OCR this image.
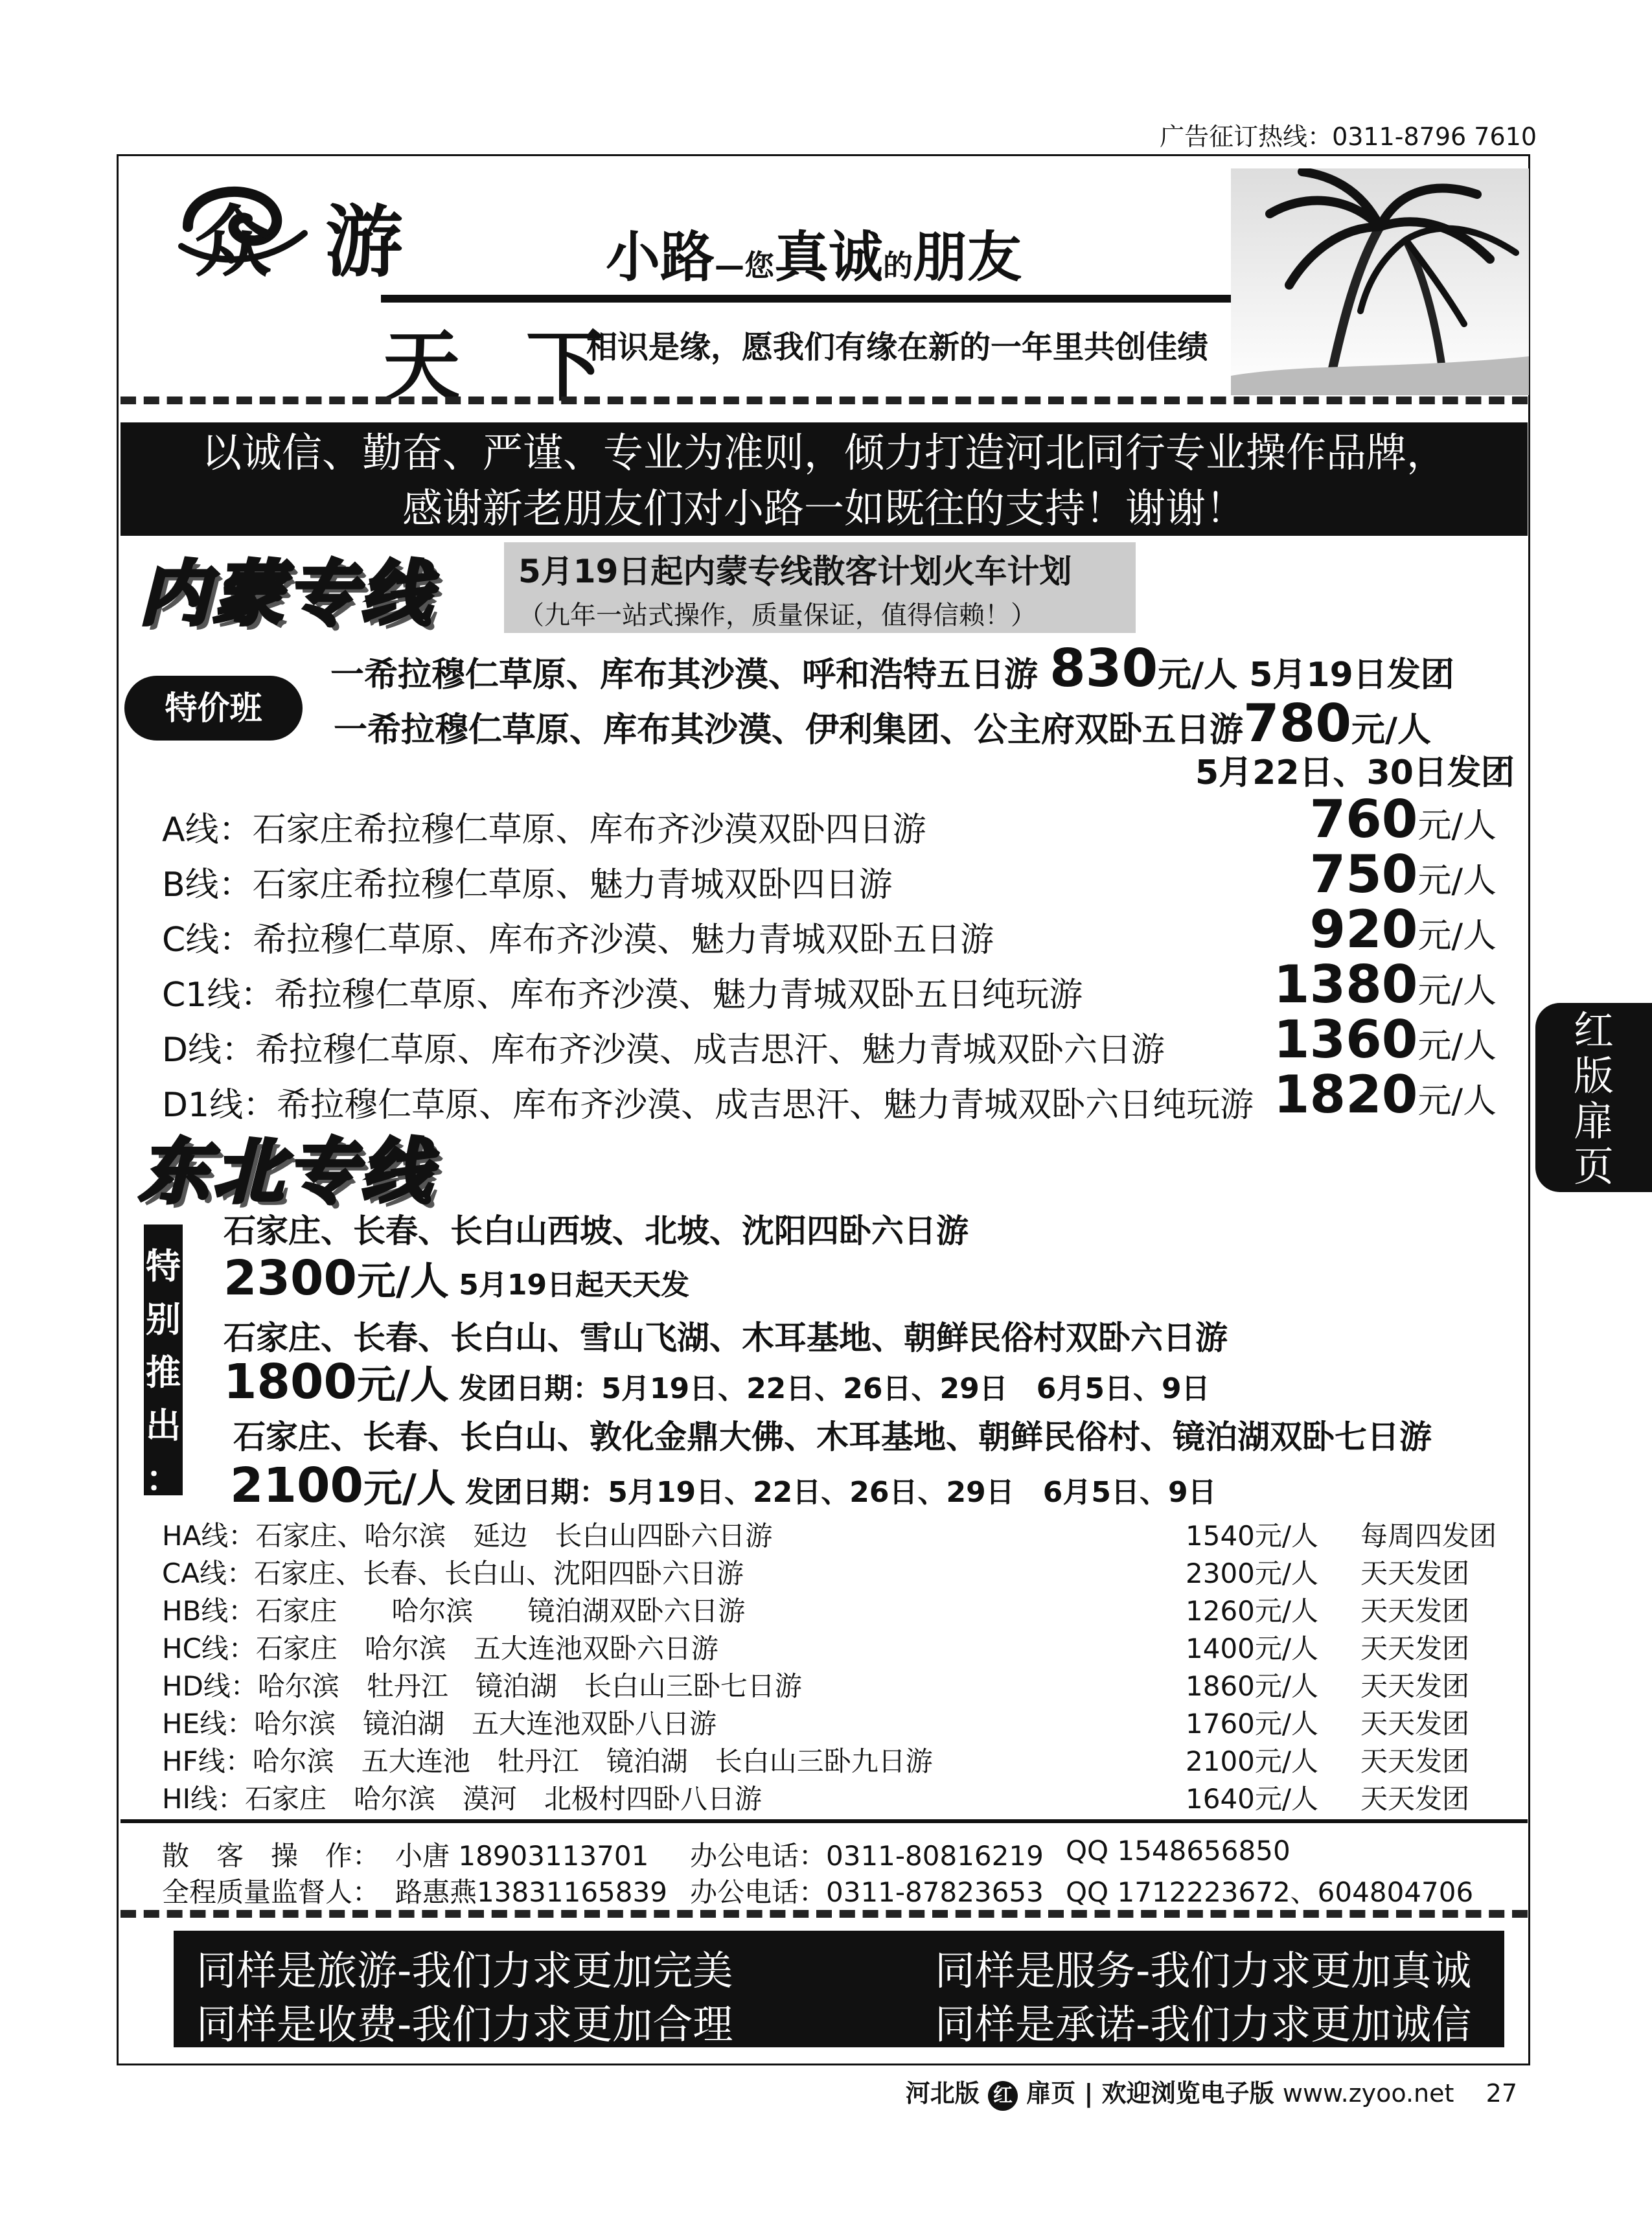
广告征订热线：0311-8796 7610
众 游
天 下
小路—您真诚的朋友
相识是缘，愿我们有缘在新的一年里共创佳绩
以诚信、勤奋、严谨、专业为准则，倾力打造河北同行专业操作品牌，
感谢新老朋友们对小路一如既往的支持！谢谢！
内蒙专线	5月19日起内蒙专线散客计划火车计划
（九年一站式操作，质量保证，值得信赖！）
特价班
一希拉穆仁草原、库布其沙漠、呼和浩特五日游 830元/人 5月19日发团
一希拉穆仁草原、库布其沙漠、伊利集团、公主府双卧五日游780元/人
5月22日、30日发团
A线：石家庄希拉穆仁草原、库布齐沙漠双卧四日游	760元/人
B线：石家庄希拉穆仁草原、魅力青城双卧四日游	750元/人
C线：希拉穆仁草原、库布齐沙漠、魅力青城双卧五日游	920元/人
C1线：希拉穆仁草原、库布齐沙漠、魅力青城双卧五日纯玩游	1380元/人
D线：希拉穆仁草原、库布齐沙漠、成吉思汗、魅力青城双卧六日游 1360元/人
D1线：希拉穆仁草原、库布齐沙漠、成吉思汗、魅力青城双卧六日纯玩游 1820元/人
东北专线
特
别
推
出
：
石家庄、长春、长白山西坡、北坡、沈阳四卧六日游
2300元/人 5月19日起天天发
石家庄、长春、长白山、雪山飞湖、木耳基地、朝鲜民俗村双卧六日游
1800元/人 发团日期：5月19日、22日、26日、29日　6月5日、9日
石家庄、长春、长白山、敦化金鼎大佛、木耳基地、朝鲜民俗村、镜泊湖双卧七日游
2100元/人 发团日期：5月19日、22日、26日、29日　6月5日、9日
HA线：石家庄、哈尔滨　延边　长白山四卧六日游	1540元/人 每周四发团
CA线：石家庄、长春、长白山、沈阳四卧六日游	2300元/人 天天发团
HB线：石家庄　　哈尔滨　　镜泊湖双卧六日游	1260元/人 天天发团
HC线：石家庄　哈尔滨　五大连池双卧六日游	1400元/人 天天发团
HD线：哈尔滨　牡丹江　镜泊湖　长白山三卧七日游	1860元/人 天天发团
HE线：哈尔滨　镜泊湖　五大连池双卧八日游	1760元/人 天天发团
HF线：哈尔滨　五大连池　牡丹江　镜泊湖　长白山三卧九日游	2100元/人 天天发团
HI线：石家庄　哈尔滨　漠河　北极村四卧八日游	1640元/人 天天发团
散　客　操　作： 小唐 18903113701 办公电话：0311-80816219 QQ 1548656850
全程质量监督人： 路惠燕13831165839 办公电话：0311-87823653 QQ 1712223672、604804706
同样是旅游-我们力求更加完美	同样是服务-我们力求更加真诚
同样是收费-我们力求更加合理	同样是承诺-我们力求更加诚信
红
版
扉
页
河北版 红 扉页 | 欢迎浏览电子版 www.zyoo.net 27
